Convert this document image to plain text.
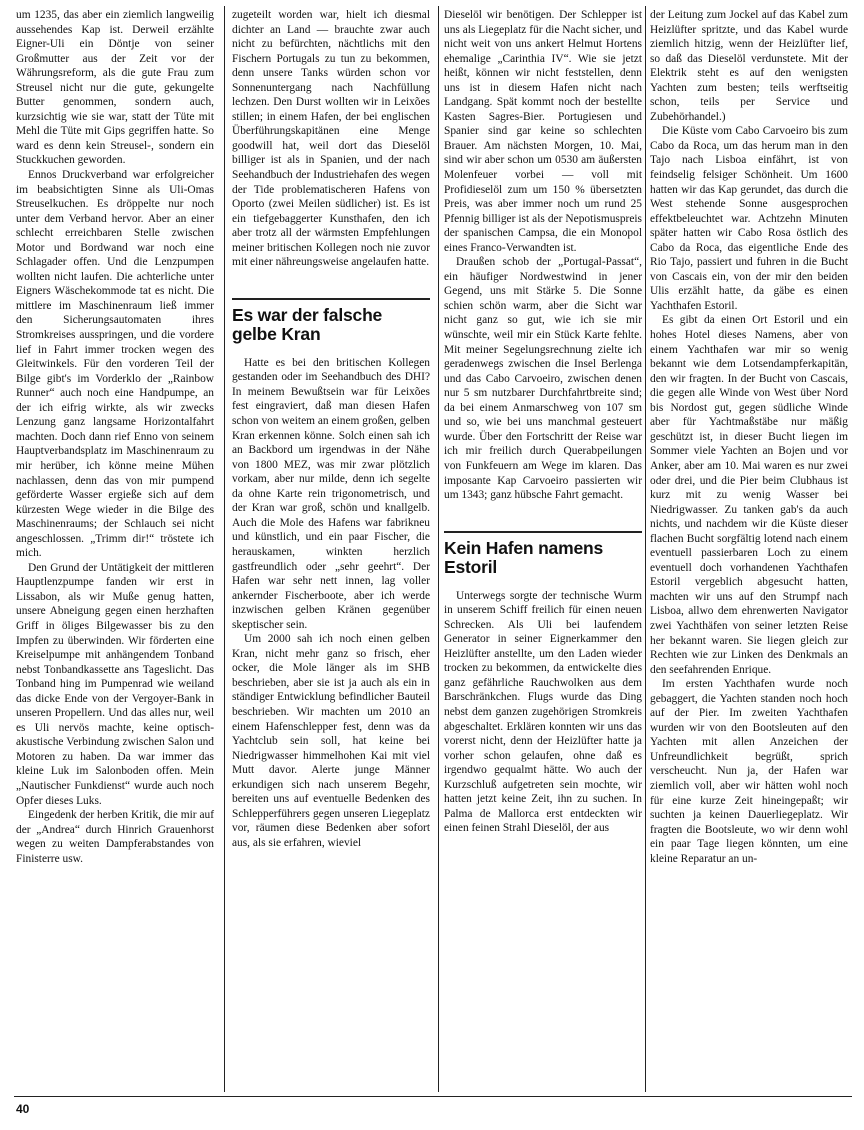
um 1235, das aber ein ziemlich langweilig aussehendes Kap ist. Derweil erzählte Eigner-Uli ein Döntje von seiner Großmutter aus der Zeit vor der Währungsreform, als die gute Frau zum Streusel nicht nur die gute, gekungelte Butter genommen, sondern auch, kurzsichtig wie sie war, statt der Tüte mit Mehl die Tüte mit Gips gegriffen hatte. So ward es denn kein Streusel-, sondern ein Stuckkuchen geworden.

Ennos Druckverband war erfolgreicher im beabsichtigten Sinne als Uli-Omas Streuselkuchen. Es dröppelte nur noch unter dem Verband hervor. Aber an einer schlecht erreichbaren Stelle zwischen Motor und Bordwand war noch eine Schlagader offen. Und die Lenzpumpen wollten nicht laufen. Die achterliche unter Eigners Wäschekommode tat es nicht. Die mittlere im Maschinenraum ließ immer den Sicherungsautomaten ihres Stromkreises ausspringen, und die vordere lief in Fahrt immer trocken wegen des Gleitwinkels. Für den vorderen Teil der Bilge gibt's im Vorderklo der „Rainbow Runner“ auch noch eine Handpumpe, an der ich eifrig wirkte, als wir zwecks Lenzung ganz langsame Horizontalfahrt machten. Doch dann rief Enno von seinem Hauptverbandsplatz im Maschinenraum zu mir herüber, ich könne meine Mühen nachlassen, denn das von mir pumpend geförderte Wasser ergieße sich auf dem kürzesten Wege wieder in die Bilge des Maschinenraums; der Schlauch sei nicht angeschlossen. „Trimm dir!“ tröstete ich mich.

Den Grund der Untätigkeit der mittleren Hauptlenzpumpe fanden wir erst in Lissabon, als wir Muße genug hatten, unsere Abneigung gegen einen herzhaften Griff in öliges Bilgewasser bis zu den Impfen zu überwinden. Wir förderten eine Kreiselpumpe mit anhängendem Tonband nebst Tonbandkassette ans Tageslicht. Das Tonband hing im Pumpenrad wie weiland das dicke Ende von der Vergoyer-Bank in unseren Propellern. Und das alles nur, weil es Uli nervös machte, keine optisch-akustische Verbindung zwischen Salon und Motoren zu haben. Da war immer das kleine Luk im Salonboden offen. Mein „Nautischer Funkdienst“ wurde auch noch Opfer dieses Luks.

Eingedenk der herben Kritik, die mir auf der „Andrea“ durch Hinrich Grauenhorst wegen zu weiten Dampferabstandes von Finisterre usw.

zugeteilt worden war, hielt ich diesmal dichter an Land — brauchte zwar auch nicht zu befürchten, nächtlichs mit den Fischern Portugals zu tun zu bekommen, denn unsere Tanks würden schon vor Sonnenuntergang nach Nachfüllung lechzen. Den Durst wollten wir in Leixões stillen; in einem Hafen, der bei englischen Überführungskapitänen eine Menge goodwill hat, weil dort das Dieselöl billiger ist als in Spanien, und der nach Seehandbuch der Industriehafen des wegen der Tide problematischeren Hafens von Oporto (zwei Meilen südlicher) ist. Es ist ein tiefgebaggerter Kunsthafen, den ich aber trotz all der wärmsten Empfehlungen meiner britischen Kollegen noch nie zuvor mit einer nähreungsweise angelaufen hatte.

Es war der falsche gelbe Kran

Hatte es bei den britischen Kollegen gestanden oder im Seehandbuch des DHI? In meinem Bewußtsein war für Leixões fest eingraviert, daß man diesen Hafen schon von weitem an einem großen, gelben Kran erkennen könne. Solch einen sah ich an Backbord um irgendwas in der Nähe von 1800 MEZ, was mir zwar plötzlich vorkam, aber nur milde, denn ich segelte da ohne Karte rein trigonometrisch, und der Kran war groß, schön und knallgelb. Auch die Mole des Hafens war fabrikneu und künstlich, und ein paar Fischer, die herauskamen, winkten herzlich gastfreundlich oder „sehr geehrt“. Der Hafen war sehr nett innen, lag voller ankernder Fischerboote, aber ich werde inzwischen gelben Kränen gegenüber skeptischer sein.

Um 2000 sah ich noch einen gelben Kran, nicht mehr ganz so frisch, eher ocker, die Mole länger als im SHB beschrieben, aber sie ist ja auch als ein in ständiger Entwicklung befindlicher Bauteil beschrieben. Wir machten um 2010 an einem Hafenschlepper fest, denn was da Yachtclub sein soll, hat keine bei Niedrigwasser himmelhohen Kai mit viel Mutt davor. Alerte junge Männer erkundigen sich nach unserem Begehr, bereiten uns auf eventuelle Bedenken des Schlepperführers gegen unseren Liegeplatz vor, räumen diese Bedenken aber sofort aus, als sie erfahren, wieviel

Dieselöl wir benötigen. Der Schlepper ist uns als Liegeplatz für die Nacht sicher, und nicht weit von uns ankert Helmut Hortens ehemalige „Carinthia IV“. Wie sie jetzt heißt, können wir nicht feststellen, denn uns ist in diesem Hafen nicht nach Landgang. Spät kommt noch der bestellte Kasten Sagres-Bier. Portugiesen und Spanier sind gar keine so schlechten Brauer. Am nächsten Morgen, 10. Mai, sind wir aber schon um 0530 am äußersten Molenfeuer vorbei — voll mit Profidieselöl zum um 150 % übersetzten Preis, was aber immer noch um rund 25 Pfennig billiger ist als der Nepotismuspreis der spanischen Campsa, die ein Monopol eines Franco-Verwandten ist.

Draußen schob der „Portugal-Passat“, ein häufiger Nordwestwind in jener Gegend, uns mit Stärke 5. Die Sonne schien schön warm, aber die Sicht war nicht ganz so gut, wie ich sie mir wünschte, weil mir ein Stück Karte fehlte. Mit meiner Segelungsrechnung zielte ich geradenwegs zwischen die Insel Berlenga und das Cabo Carvoeiro, zwischen denen nur 5 sm nutzbarer Durchfahrtbreite sind; da bei einem Anmarschweg von 107 sm und so, wie bei uns manchmal gesteuert wurde. Über den Fortschritt der Reise war ich mir freilich durch Querabpeilungen von Funkfeuern am Wege im klaren. Das imposante Kap Carvoeiro passierten wir um 1343; ganz hübsche Fahrt gemacht.

Kein Hafen namens Estoril

Unterwegs sorgte der technische Wurm in unserem Schiff freilich für einen neuen Schrecken. Als Uli bei laufendem Generator in seiner Eignerkammer den Heizlüfter anstellte, um den Laden wieder trocken zu bekommen, da entwickelte dies ganz gefährliche Rauchwolken aus dem Barschränkchen. Flugs wurde das Ding nebst dem ganzen zugehörigen Stromkreis abgeschaltet. Erklären konnten wir uns das vorerst nicht, denn der Heizlüfter hatte ja vorher schon gelaufen, ohne daß es irgendwo gequalmt hätte. Wo auch der Kurzschluß aufgetreten sein mochte, wir hatten jetzt keine Zeit, ihn zu suchen. In Palma de Mallorca erst entdeckten wir einen feinen Strahl Dieselöl, der aus

der Leitung zum Jockel auf das Kabel zum Heizlüfter spritzte, und das Kabel wurde ziemlich hitzig, wenn der Heizlüfter lief, so daß das Dieselöl verdunstete. Mit der Elektrik steht es auf den wenigsten Yachten zum besten; teils werftseitig schon, teils per Service und Zubehörhandel.)

Die Küste vom Cabo Carvoeiro bis zum Cabo da Roca, um das herum man in den Tajo nach Lisboa einfährt, ist von feindselig felsiger Schönheit. Um 1600 hatten wir das Kap gerundet, das durch die West stehende Sonne ausgesprochen effektbeleuchtet war. Achtzehn Minuten später hatten wir Cabo Rosa östlich des Cabo da Roca, das eigentliche Ende des Rio Tajo, passiert und fuhren in die Bucht von Cascais ein, von der mir den beiden Ulis erzählt hatte, da gäbe es einen Yachthafen Estoril.

Es gibt da einen Ort Estoril und ein hohes Hotel dieses Namens, aber von einem Yachthafen war mir so wenig bekannt wie dem Lotsendampferkapitän, den wir fragten. In der Bucht von Cascais, die gegen alle Winde von West über Nord bis Nordost gut, gegen südliche Winde aber für Yachtmaßstäbe nur mäßig geschützt ist, in dieser Bucht liegen im Sommer viele Yachten an Bojen und vor Anker, aber am 10. Mai waren es nur zwei oder drei, und die Pier beim Clubhaus ist kurz mit zu wenig Wasser bei Niedrigwasser. Zu tanken gab's da auch nichts, und nachdem wir die Küste dieser flachen Bucht sorgfältig lotend nach einem eventuell passierbaren Loch zu einem eventuell doch vorhandenen Yachthafen Estoril vergeblich abgesucht hatten, machten wir uns auf den Strumpf nach Lisboa, allwo dem ehrenwerten Navigator zwei Yachthäfen von seiner letzten Reise her bekannt waren. Sie liegen gleich zur Rechten wie zur Linken des Denkmals an den seefahrenden Enrique.

Im ersten Yachthafen wurde noch gebaggert, die Yachten standen noch hoch auf der Pier. Im zweiten Yachthafen wurden wir von den Bootsleuten auf den Yachten mit allen Anzeichen der Unfreundlichkeit begrüßt, sprich verscheucht. Nun ja, der Hafen war ziemlich voll, aber wir hätten wohl noch für eine kurze Zeit hineingepaßt; wir suchten ja keinen Dauerliegeplatz. Wir fragten die Bootsleute, wo wir denn wohl ein paar Tage liegen könnten, um eine kleine Reparatur an un-

40
